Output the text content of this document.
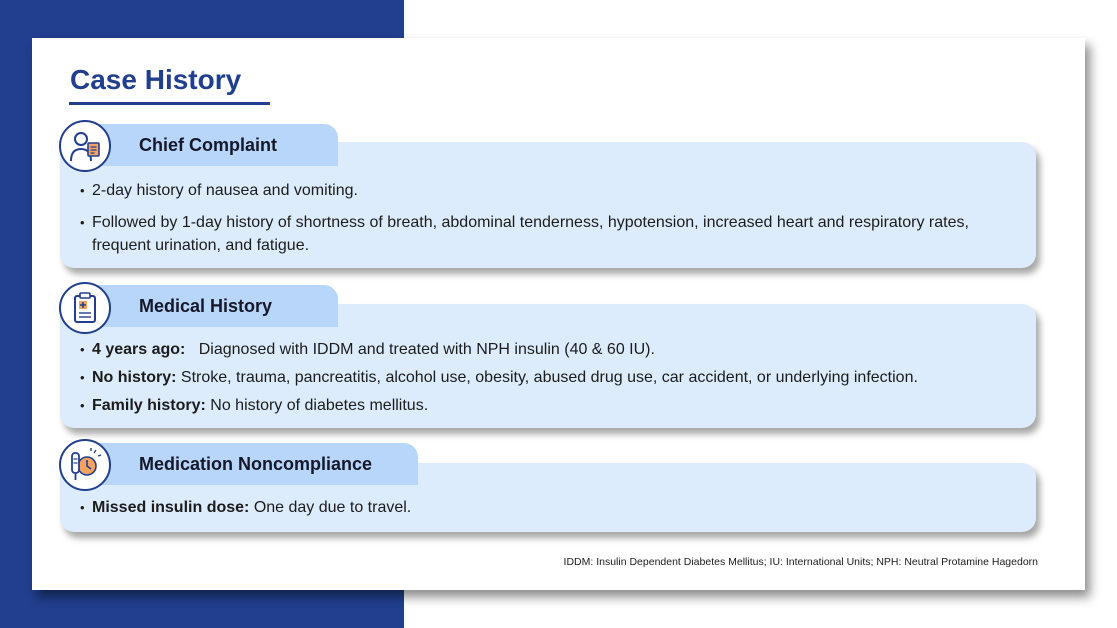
Case History
• 2-day history of nausea and vomiting.
• Followed by 1-day history of shortness of breath, abdominal tenderness, hypotension, increased heart and respiratory rates, frequent urination, and fatigue.
Chief Complaint
• 4 years ago: Diagnosed with IDDM and treated with NPH insulin (40 & 60 IU).
• No history: Stroke, trauma, pancreatitis, alcohol use, obesity, abused drug use, car accident, or underlying infection.
• Family history: No history of diabetes mellitus.
Medical History
• Missed insulin dose: One day due to travel.
Medication Noncompliance
IDDM: Insulin Dependent Diabetes Mellitus; IU: International Units; NPH: Neutral Protamine Hagedorn
